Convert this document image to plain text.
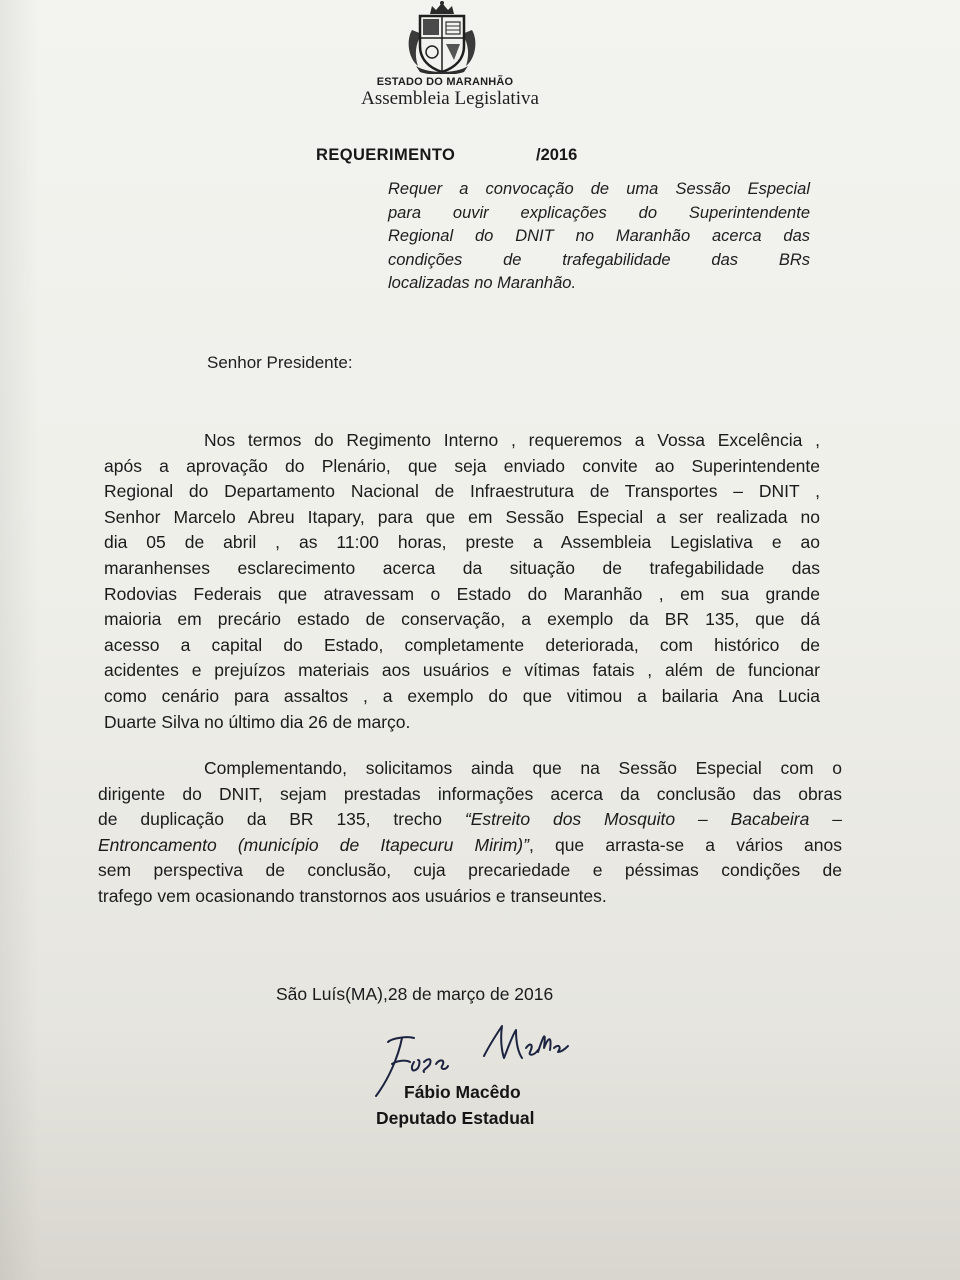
ESTADO DO MARANHÃO
Assembleia Legislativa
REQUERIMENTO	/2016
Requer a convocação de uma Sessão Especial
para ouvir explicações do Superintendente
Regional do DNIT no Maranhão acerca das
condições de trafegabilidade das BRs
localizadas no Maranhão.
Senhor Presidente:
Nos termos do Regimento Interno , requeremos a Vossa Excelência ,
após a aprovação do Plenário, que seja enviado convite ao Superintendente
Regional do Departamento Nacional de Infraestrutura de Transportes – DNIT ,
Senhor Marcelo Abreu Itapary, para que em Sessão Especial a ser realizada no
dia 05 de abril , as 11:00 horas, preste a Assembleia Legislativa e ao
maranhenses esclarecimento acerca da situação de trafegabilidade das
Rodovias Federais que atravessam o Estado do Maranhão , em sua grande
maioria em precário estado de conservação, a exemplo da BR 135, que dá
acesso a capital do Estado, completamente deteriorada, com histórico de
acidentes e prejuízos materiais aos usuários e vítimas fatais , além de funcionar
como cenário para assaltos , a exemplo do que vitimou a bailaria Ana Lucia
Duarte Silva no último dia 26 de março.
Complementando, solicitamos ainda que na Sessão Especial com o
dirigente do DNIT, sejam prestadas informações acerca da conclusão das obras
de duplicação da BR 135, trecho “Estreito dos Mosquito – Bacabeira –
Entroncamento (município de Itapecuru Mirim)”, que arrasta-se a vários anos
sem perspectiva de conclusão, cuja precariedade e péssimas condições de
trafego vem ocasionando transtornos aos usuários e transeuntes.
São Luís(MA),28 de março de 2016
Fábio Macêdo
Deputado Estadual
